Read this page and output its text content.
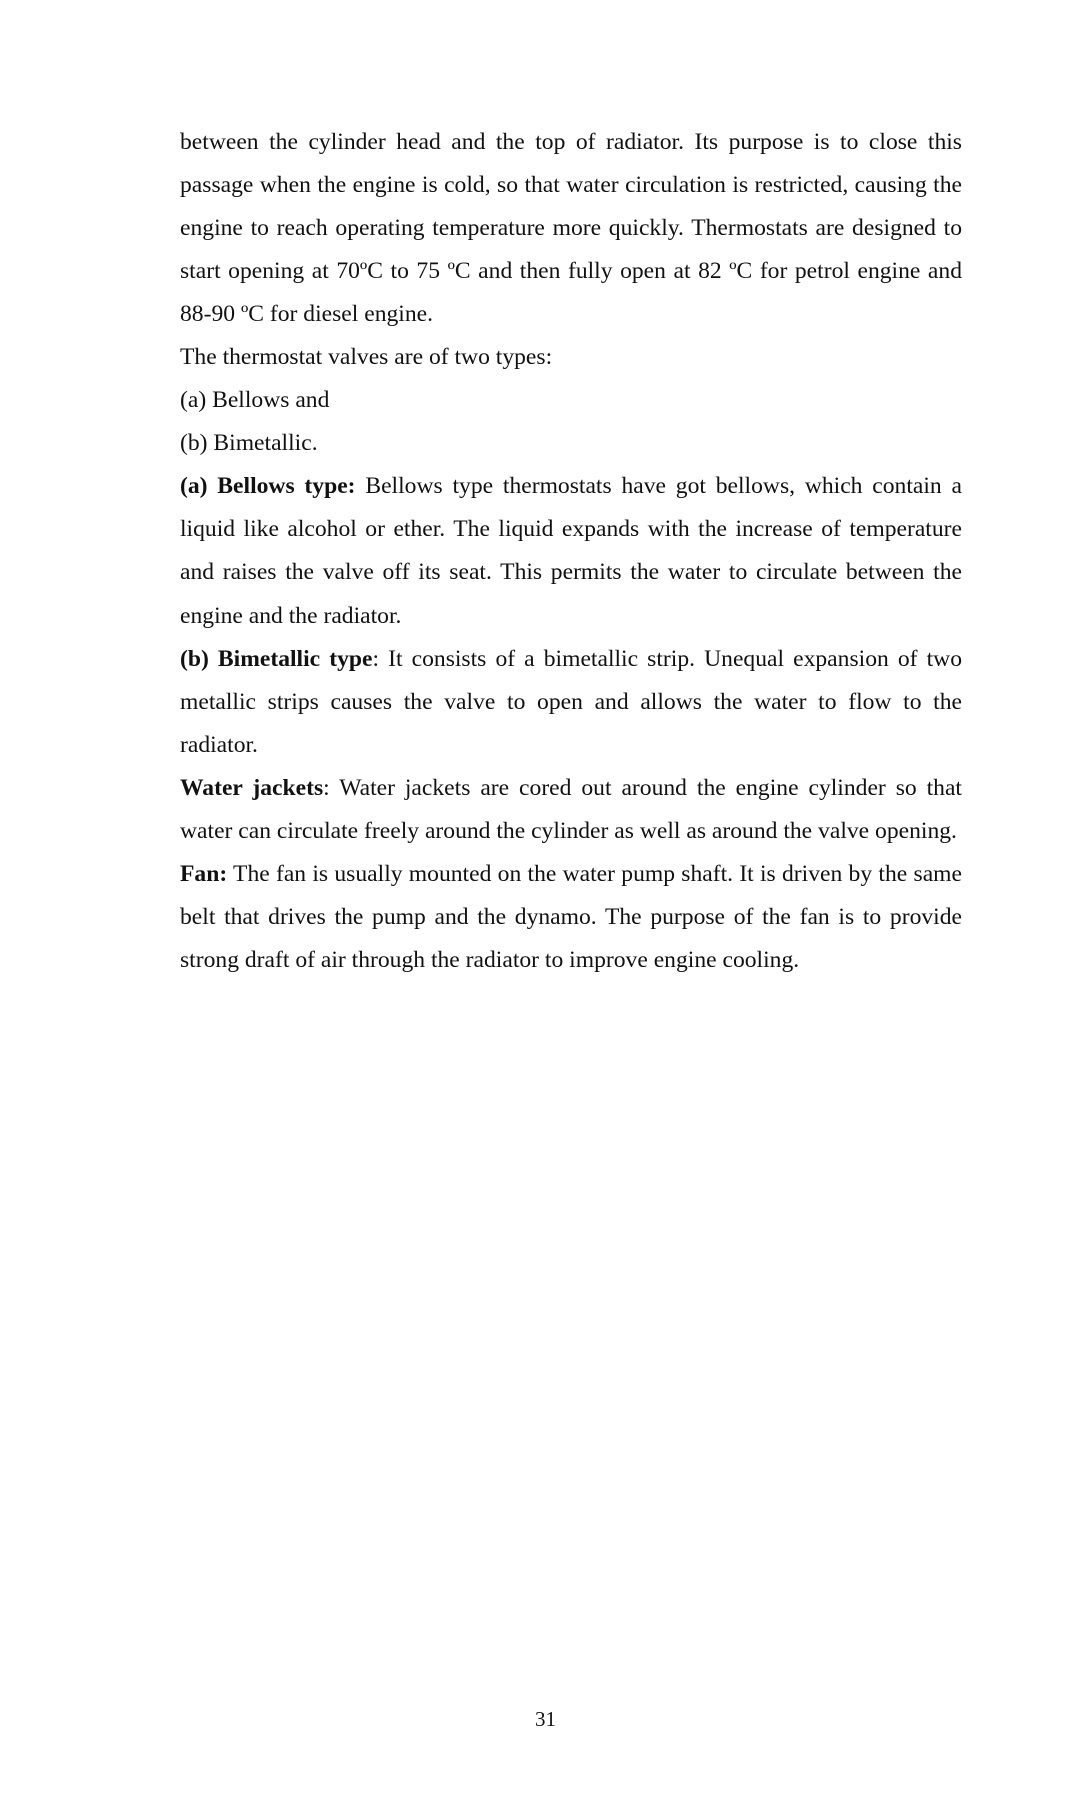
between the cylinder head and the top of radiator. Its purpose is to close this passage when the engine is cold, so that water circulation is restricted, causing the engine to reach operating temperature more quickly. Thermostats are designed to start opening at 70ºC to 75 ºC and then fully open at 82 ºC for petrol engine and 88-90 ºC for diesel engine.

The thermostat valves are of two types:

(a) Bellows and

(b) Bimetallic.

(a) Bellows type: Bellows type thermostats have got bellows, which contain a liquid like alcohol or ether. The liquid expands with the increase of temperature and raises the valve off its seat. This permits the water to circulate between the engine and the radiator.

(b) Bimetallic type: It consists of a bimetallic strip. Unequal expansion of two metallic strips causes the valve to open and allows the water to flow to the radiator.

Water jackets: Water jackets are cored out around the engine cylinder so that water can circulate freely around the cylinder as well as around the valve opening.

Fan: The fan is usually mounted on the water pump shaft. It is driven by the same belt that drives the pump and the dynamo. The purpose of the fan is to provide strong draft of air through the radiator to improve engine cooling.

31
